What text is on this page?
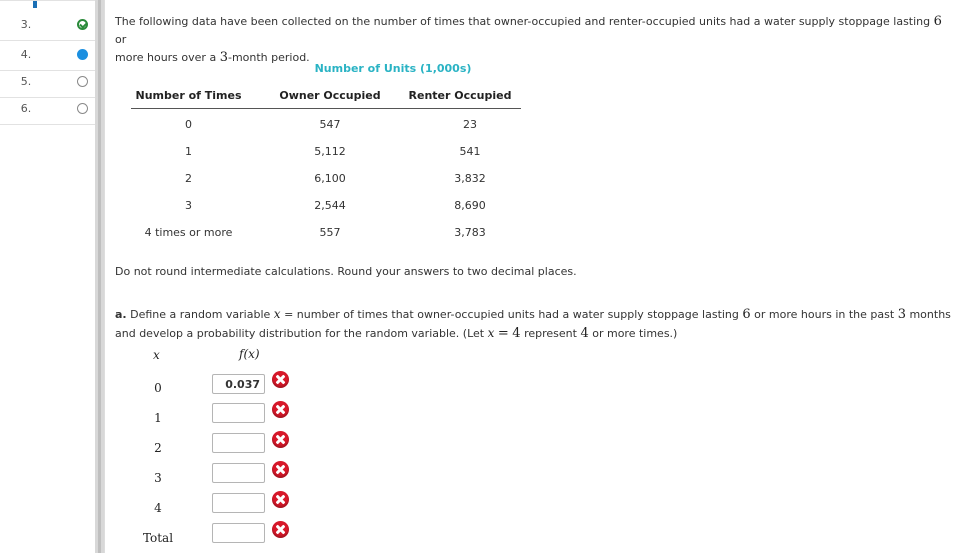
3.
4.
5.
6.
The following data have been collected on the number of times that owner-occupied and renter-occupied units had a water supply stoppage lasting 6 or
more hours over a 3-month period.
Number of Units (1,000s)
Number of Times	Owner Occupied	Renter Occupied
0	547	23
1	5,112	541
2	6,100	3,832
3	2,544	8,690
4 times or more	557	3,783
Do not round intermediate calculations. Round your answers to two decimal places.
a. Define a random variable x = number of times that owner-occupied units had a water supply stoppage lasting 6 or more hours in the past 3 months
and develop a probability distribution for the random variable. (Let x = 4 represent 4 or more times.)
x	f(x)
0	0.037
1
2
3
4
Total
